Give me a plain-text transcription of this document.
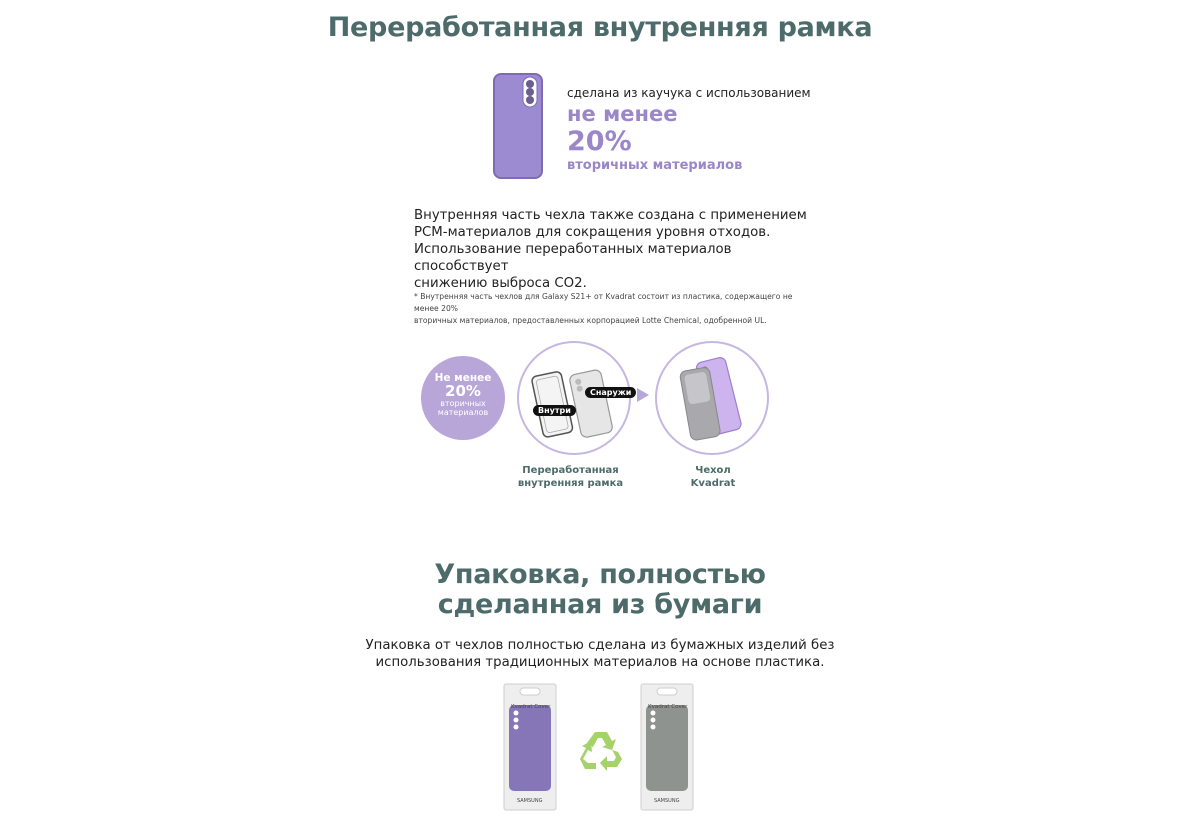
Переработанная внутренняя рамка
сделана из каучука с использованием
не менее
20%
вторичных материалов
Внутренняя часть чехла также создана с применением
PCM-материалов для сокращения уровня отходов.
Использование переработанных материалов способствует
снижению выброса CO2.
* Внутренняя часть чехлов для Galaxy S21+ от Kvadrat состоит из пластика, содержащего не менее 20%
вторичных материалов, предоставленных корпорацией Lotte Chemical, одобренной UL.
Не менее
20%
вторичных
материалов	Внутри
Снаружи
Переработанная
внутренняя рамка
Чехол
Kvadrat
Упаковка, полностью
сделанная из бумаги
Упаковка от чехлов полностью сделана из бумажных изделий без
использования традиционных материалов на основе пластика.
Kvadrat Cover
SAMSUNG
Kvadrat Cover
SAMSUNG
